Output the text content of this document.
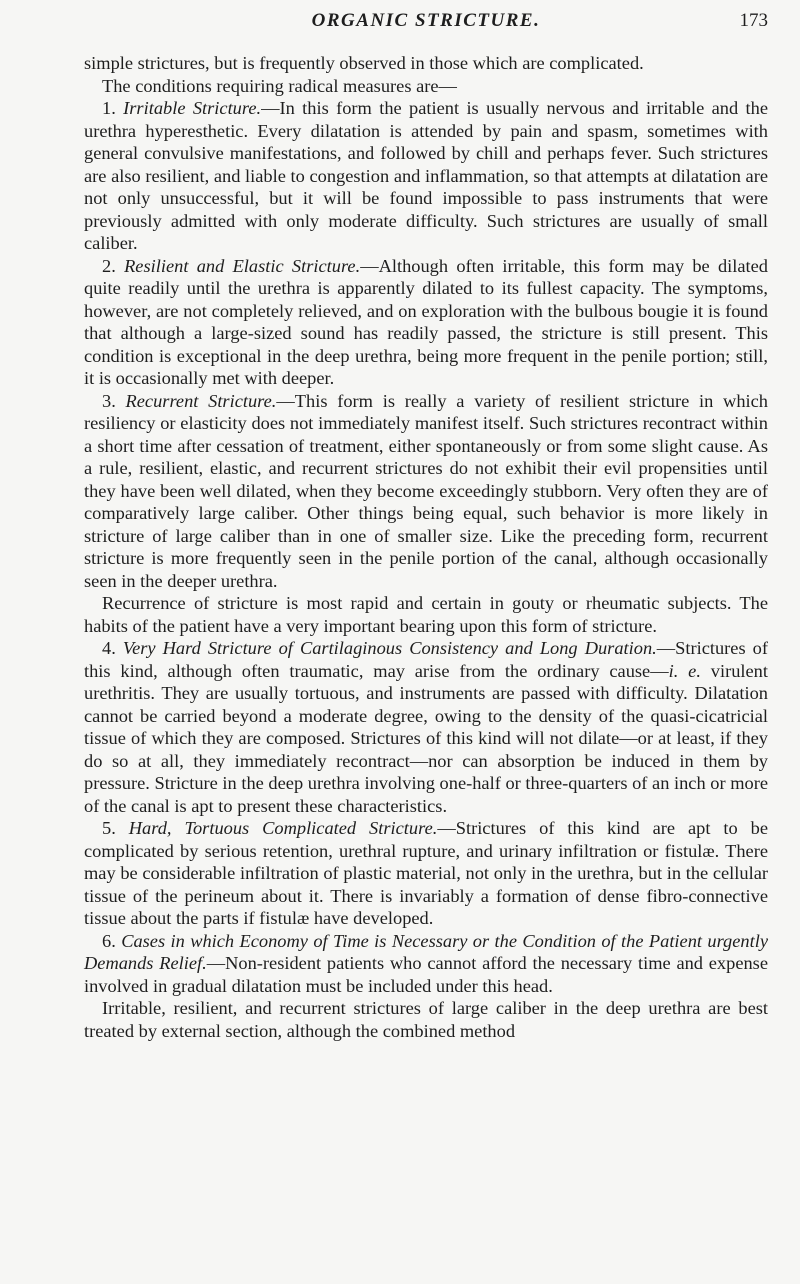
ORGANIC STRICTURE.	173

simple strictures, but is frequently observed in those which are complicated.

The conditions requiring radical measures are—

1. Irritable Stricture.—In this form the patient is usually nervous and irritable and the urethra hyperesthetic. Every dilatation is attended by pain and spasm, sometimes with general convulsive manifestations, and followed by chill and perhaps fever. Such strictures are also resilient, and liable to congestion and inflammation, so that attempts at dilatation are not only unsuccessful, but it will be found impossible to pass instruments that were previously admitted with only moderate difficulty. Such strictures are usually of small caliber.

2. Resilient and Elastic Stricture.—Although often irritable, this form may be dilated quite readily until the urethra is apparently dilated to its fullest capacity. The symptoms, however, are not completely relieved, and on exploration with the bulbous bougie it is found that although a large-sized sound has readily passed, the stricture is still present. This condition is exceptional in the deep urethra, being more frequent in the penile portion; still, it is occasionally met with deeper.

3. Recurrent Stricture.—This form is really a variety of resilient stricture in which resiliency or elasticity does not immediately manifest itself. Such strictures recontract within a short time after cessation of treatment, either spontaneously or from some slight cause. As a rule, resilient, elastic, and recurrent strictures do not exhibit their evil propensities until they have been well dilated, when they become exceedingly stubborn. Very often they are of comparatively large caliber. Other things being equal, such behavior is more likely in stricture of large caliber than in one of smaller size. Like the preceding form, recurrent stricture is more frequently seen in the penile portion of the canal, although occasionally seen in the deeper urethra.

Recurrence of stricture is most rapid and certain in gouty or rheumatic subjects. The habits of the patient have a very important bearing upon this form of stricture.

4. Very Hard Stricture of Cartilaginous Consistency and Long Duration.—Strictures of this kind, although often traumatic, may arise from the ordinary cause—i. e. virulent urethritis. They are usually tortuous, and instruments are passed with difficulty. Dilatation cannot be carried beyond a moderate degree, owing to the density of the quasi-cicatricial tissue of which they are composed. Strictures of this kind will not dilate—or at least, if they do so at all, they immediately recontract—nor can absorption be induced in them by pressure. Stricture in the deep urethra involving one-half or three-quarters of an inch or more of the canal is apt to present these characteristics.

5. Hard, Tortuous Complicated Stricture.—Strictures of this kind are apt to be complicated by serious retention, urethral rupture, and urinary infiltration or fistulæ. There may be considerable infiltration of plastic material, not only in the urethra, but in the cellular tissue of the perineum about it. There is invariably a formation of dense fibro-connective tissue about the parts if fistulæ have developed.

6. Cases in which Economy of Time is Necessary or the Condition of the Patient urgently Demands Relief.—Non-resident patients who cannot afford the necessary time and expense involved in gradual dilatation must be included under this head.

Irritable, resilient, and recurrent strictures of large caliber in the deep urethra are best treated by external section, although the combined method
